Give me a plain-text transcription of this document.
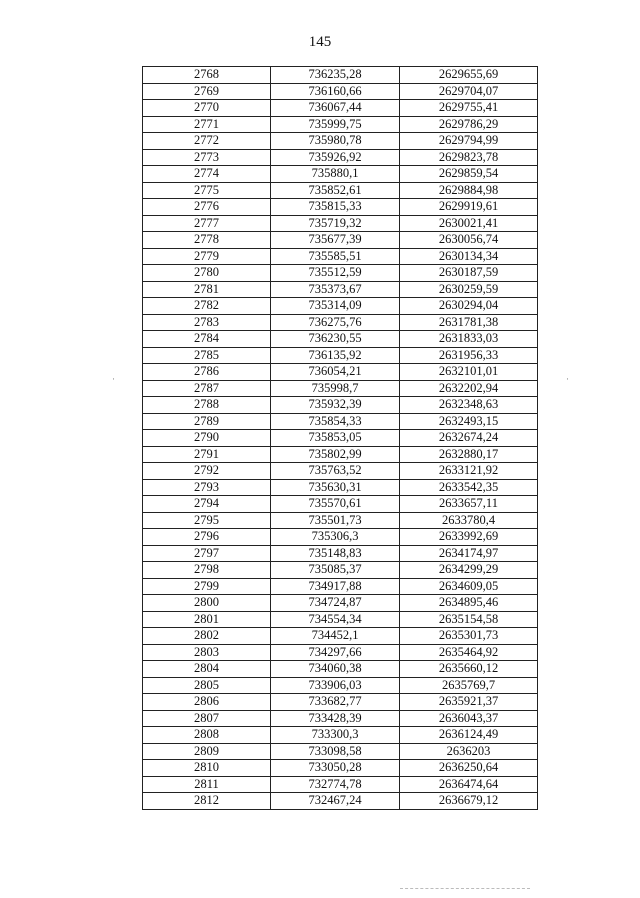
145
2768	736235,28	2629655,69
2769	736160,66	2629704,07
2770	736067,44	2629755,41
2771	735999,75	2629786,29
2772	735980,78	2629794,99
2773	735926,92	2629823,78
2774	735880,1	2629859,54
2775	735852,61	2629884,98
2776	735815,33	2629919,61
2777	735719,32	2630021,41
2778	735677,39	2630056,74
2779	735585,51	2630134,34
2780	735512,59	2630187,59
2781	735373,67	2630259,59
2782	735314,09	2630294,04
2783	736275,76	2631781,38
2784	736230,55	2631833,03
2785	736135,92	2631956,33
2786	736054,21	2632101,01
2787	735998,7	2632202,94
2788	735932,39	2632348,63
2789	735854,33	2632493,15
2790	735853,05	2632674,24
2791	735802,99	2632880,17
2792	735763,52	2633121,92
2793	735630,31	2633542,35
2794	735570,61	2633657,11
2795	735501,73	2633780,4
2796	735306,3	2633992,69
2797	735148,83	2634174,97
2798	735085,37	2634299,29
2799	734917,88	2634609,05
2800	734724,87	2634895,46
2801	734554,34	2635154,58
2802	734452,1	2635301,73
2803	734297,66	2635464,92
2804	734060,38	2635660,12
2805	733906,03	2635769,7
2806	733682,77	2635921,37
2807	733428,39	2636043,37
2808	733300,3	2636124,49
2809	733098,58	2636203
2810	733050,28	2636250,64
2811	732774,78	2636474,64
2812	732467,24	2636679,12
·	·
